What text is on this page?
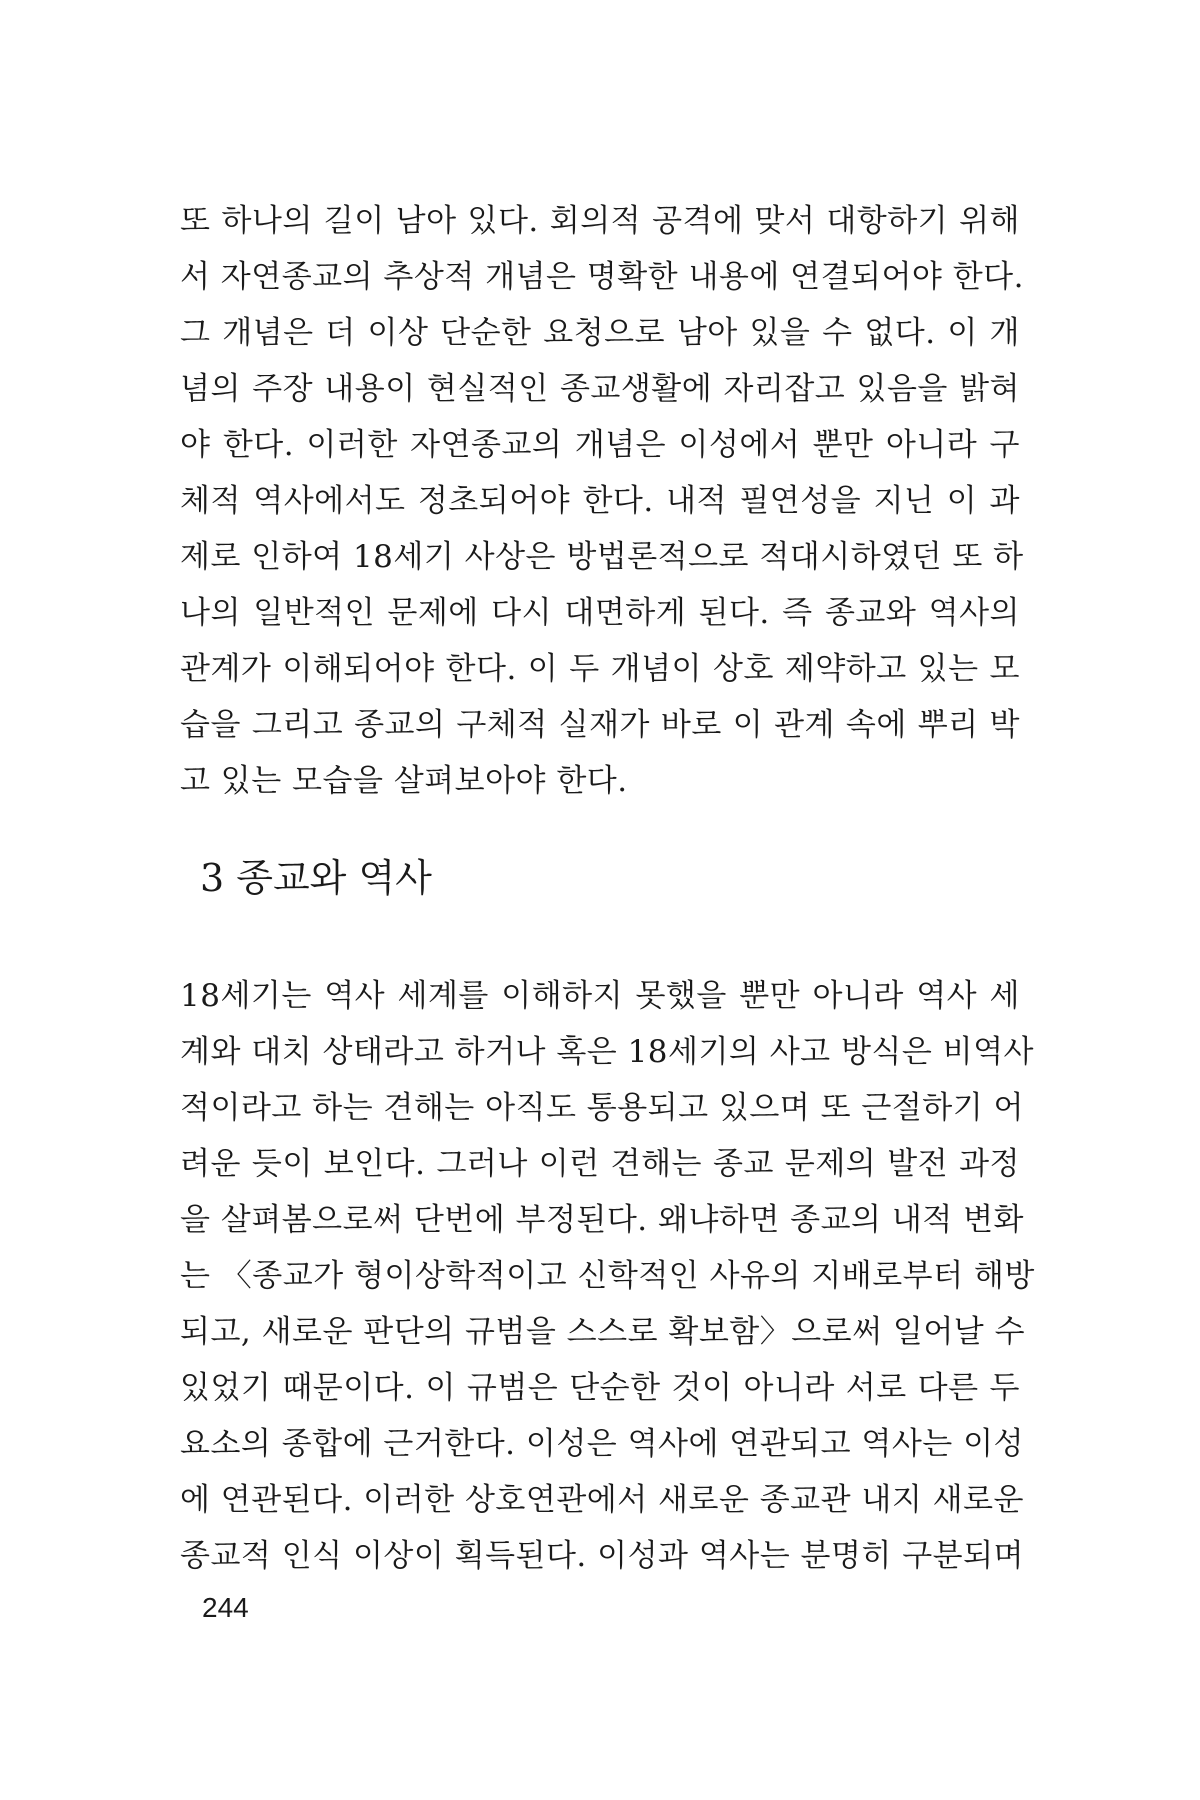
또 하나의 길이 남아 있다. 회의적 공격에 맞서 대항하기 위해
서 자연종교의 추상적 개념은 명확한 내용에 연결되어야 한다.
그 개념은 더 이상 단순한 요청으로 남아 있을 수 없다. 이 개
념의 주장 내용이 현실적인 종교생활에 자리잡고 있음을 밝혀
야 한다. 이러한 자연종교의 개념은 이성에서 뿐만 아니라 구
체적 역사에서도 정초되어야 한다. 내적 필연성을 지닌 이 과
제로 인하여 18세기 사상은 방법론적으로 적대시하였던 또 하
나의 일반적인 문제에 다시 대면하게 된다. 즉 종교와 역사의
관계가 이해되어야 한다. 이 두 개념이 상호 제약하고 있는 모
습을 그리고 종교의 구체적 실재가 바로 이 관계 속에 뿌리 박
고 있는 모습을 살펴보아야 한다.
3 종교와 역사
18세기는 역사 세계를 이해하지 못했을 뿐만 아니라 역사 세
계와 대치 상태라고 하거나 혹은 18세기의 사고 방식은 비역사
적이라고 하는 견해는 아직도 통용되고 있으며 또 근절하기 어
려운 듯이 보인다. 그러나 이런 견해는 종교 문제의 발전 과정
을 살펴봄으로써 단번에 부정된다. 왜냐하면 종교의 내적 변화
는 〈종교가 형이상학적이고 신학적인 사유의 지배로부터 해방
되고, 새로운 판단의 규범을 스스로 확보함〉으로써 일어날 수
있었기 때문이다. 이 규범은 단순한 것이 아니라 서로 다른 두
요소의 종합에 근거한다. 이성은 역사에 연관되고 역사는 이성
에 연관된다. 이러한 상호연관에서 새로운 종교관 내지 새로운
종교적 인식 이상이 획득된다. 이성과 역사는 분명히 구분되며
244
